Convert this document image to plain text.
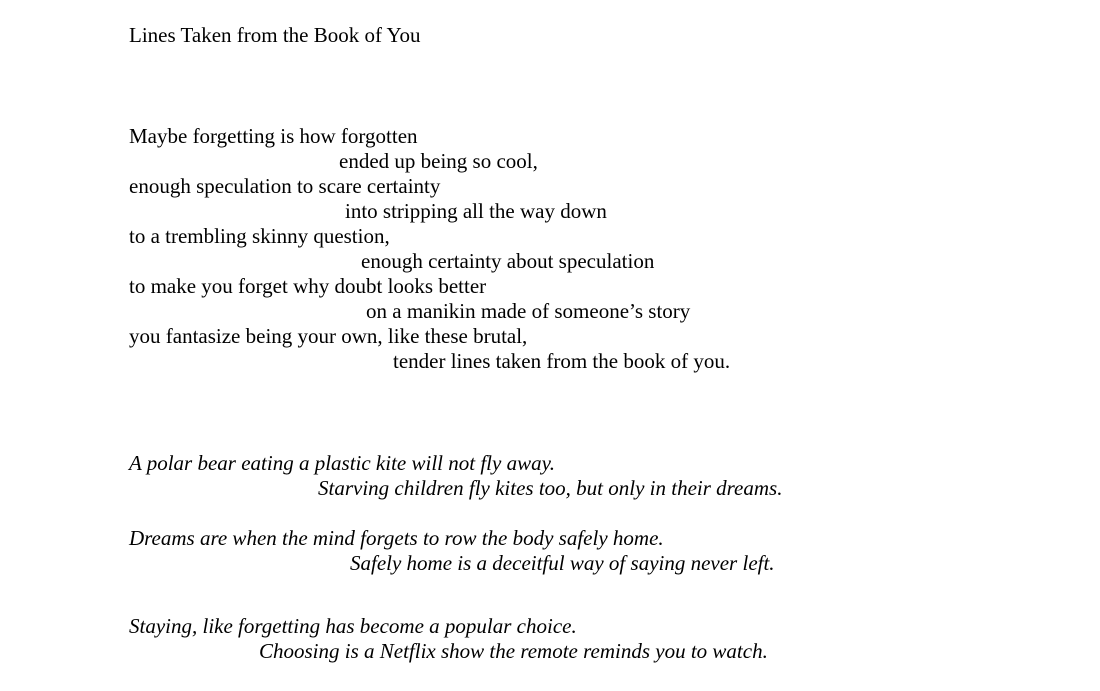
Lines Taken from the Book of You
Maybe forgetting is how forgotten
ended up being so cool,
enough speculation to scare certainty
into stripping all the way down
to a trembling skinny question,
enough certainty about speculation
to make you forget why doubt looks better
on a manikin made of someone’s story
you fantasize being your own, like these brutal,
tender lines taken from the book of you.
A polar bear eating a plastic kite will not fly away.
Starving children fly kites too, but only in their dreams.
Dreams are when the mind forgets to row the body safely home.
Safely home is a deceitful way of saying never left.
Staying, like forgetting has become a popular choice.
Choosing is a Netflix show the remote reminds you to watch.
